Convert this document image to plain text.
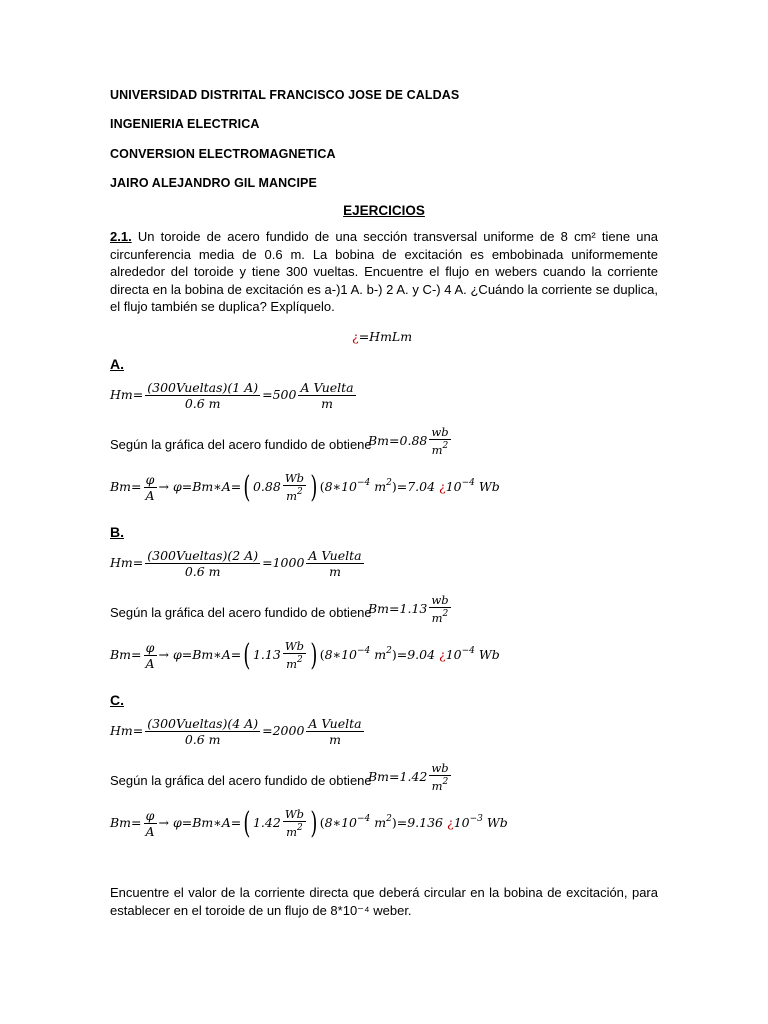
UNIVERSIDAD DISTRITAL FRANCISCO JOSE DE CALDAS
INGENIERIA ELECTRICA
CONVERSION ELECTROMAGNETICA
JAIRO ALEJANDRO GIL MANCIPE
EJERCICIOS
2.1. Un toroide de acero fundido de una sección transversal uniforme de 8 cm² tiene una circunferencia media de 0.6 m. La bobina de excitación es embobinada uniformemente alrededor del toroide y tiene 300 vueltas. Encuentre el flujo en webers cuando la corriente directa en la bobina de excitación es a-)1 A. b-) 2 A. y C-) 4 A. ¿Cuándo la corriente se duplica, el flujo también se duplica? Explíquelo.
¿=HmLm
A.
$Hm= \frac{\text{(300Vueltas)(1 A)}}{0.6 m} =500 \frac{\text{A Vuelta}}{m}$
Según la gráfica del acero fundido de obtiene
$Bm=0.88 \frac{wb}{m^2}$
$Bm= \frac{\varphi}{A}$ → φ=Bm∗A=( $0.88 \frac{Wb}{m^2}$ ) ($8∗10^{-4}$ $m^2)=7.04$ ¿$10^{-4}$ Wb
B.
$Hm= \frac{\text{(300Vueltas)(2 A)}}{0.6 m} =1000 \frac{\text{A Vuelta}}{m}$
Según la gráfica del acero fundido de obtiene
$Bm=1.13 \frac{wb}{m^2}$
$Bm= \frac{\varphi}{A}$ → φ=Bm∗A=( $1.13 \frac{Wb}{m^2}$ ) ($8∗10^{-4}$ $m^2)=9.04$ ¿$10^{-4}$ Wb
C.
$Hm= \frac{\text{(300Vueltas)(4 A)}}{0.6 m} =2000 \frac{\text{A Vuelta}}{m}$
Según la gráfica del acero fundido de obtiene
$Bm=1.42 \frac{wb}{m^2}$
$Bm= \frac{\varphi}{A}$ → φ=Bm∗A=( $1.42 \frac{Wb}{m^2}$ ) ($8∗10^{-4}$ $m^2)=9.136$ ¿$10^{-3}$ Wb
Encuentre el valor de la corriente directa que deberá circular en la bobina de excitación, para establecer en el toroide de un flujo de 8*10⁻⁴ weber.
